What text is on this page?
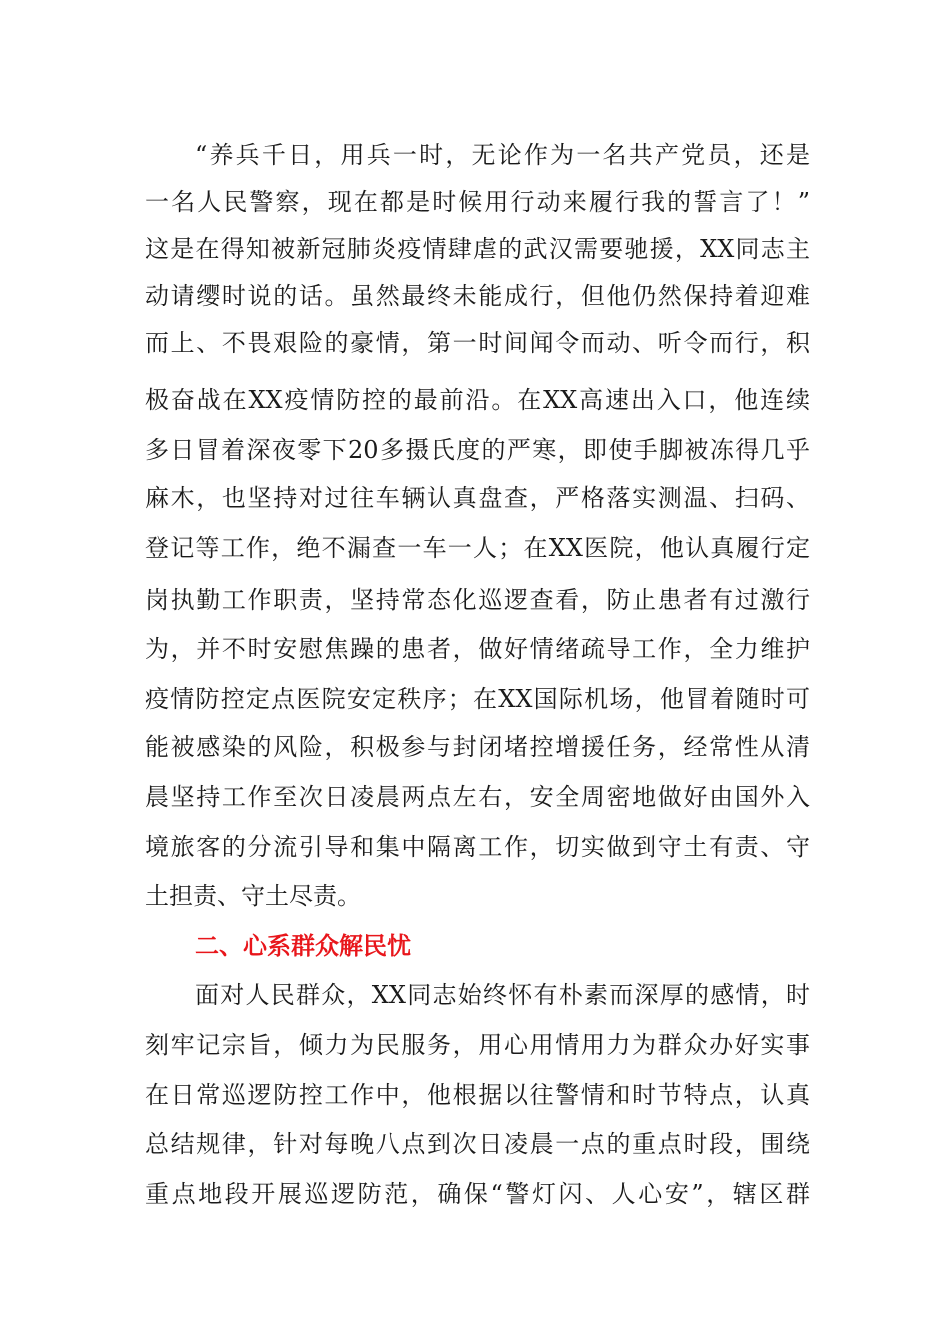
“养兵千日，用兵一时，无论作为一名共产党员，还是
一名人民警察，现在都是时候用行动来履行我的誓言了！”
这是在得知被新冠肺炎疫情肆虐的武汉需要驰援，XX同志主
动请缨时说的话。虽然最终未能成行，但他仍然保持着迎难
而上、不畏艰险的豪情，第一时间闻令而动、听令而行，积
极奋战在XX疫情防控的最前沿。在XX高速出入口，他连续
多日冒着深夜零下20多摄氏度的严寒，即使手脚被冻得几乎
麻木，也坚持对过往车辆认真盘查，严格落实测温、扫码、
登记等工作，绝不漏查一车一人；在XX医院，他认真履行定
岗执勤工作职责，坚持常态化巡逻查看，防止患者有过激行
为，并不时安慰焦躁的患者，做好情绪疏导工作，全力维护
疫情防控定点医院安定秩序；在XX国际机场，他冒着随时可
能被感染的风险，积极参与封闭堵控增援任务，经常性从清
晨坚持工作至次日凌晨两点左右，安全周密地做好由国外入
境旅客的分流引导和集中隔离工作，切实做到守土有责、守
土担责、守土尽责。
二、心系群众解民忧
面对人民群众，XX同志始终怀有朴素而深厚的感情，时
刻牢记宗旨，倾力为民服务，用心用情用力为群众办好实事
在日常巡逻防控工作中，他根据以往警情和时节特点，认真
总结规律，针对每晚八点到次日凌晨一点的重点时段，围绕
重点地段开展巡逻防范，确保“警灯闪、人心安”，辖区群
